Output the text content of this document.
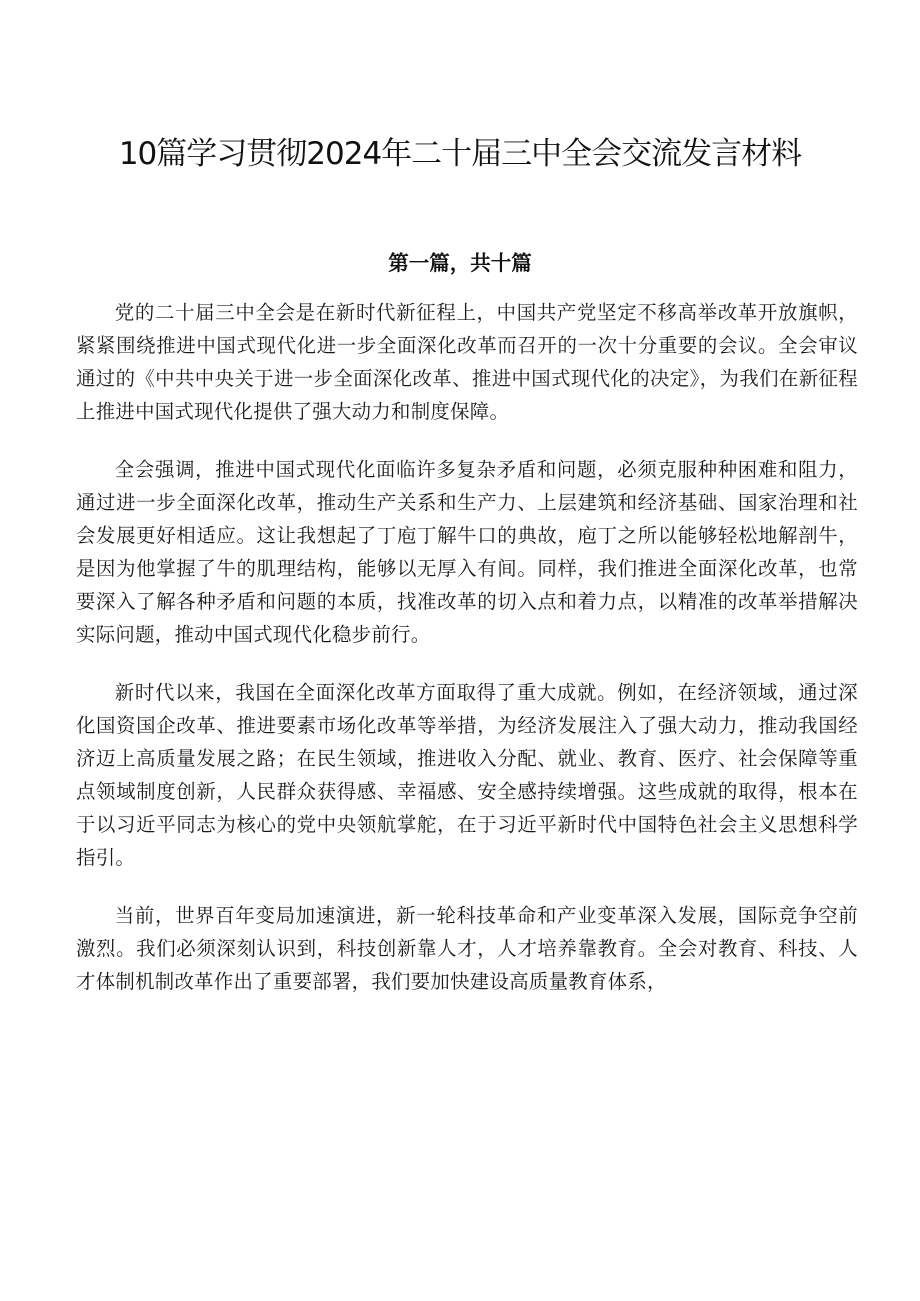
10篇学习贯彻2024年二十届三中全会交流发言材料
第一篇，共十篇

党的二十届三中全会是在新时代新征程上，中国共产党坚定不移高举改革开放旗帜，紧紧围绕推进中国式现代化进一步全面深化改革而召开的一次十分重要的会议。全会审议通过的《中共中央关于进一步全面深化改革、推进中国式现代化的决定》，为我们在新征程上推进中国式现代化提供了强大动力和制度保障。

全会强调，推进中国式现代化面临许多复杂矛盾和问题，必须克服种种困难和阻力，通过进一步全面深化改革，推动生产关系和生产力、上层建筑和经济基础、国家治理和社会发展更好相适应。这让我想起了丁庖丁解牛口的典故，庖丁之所以能够轻松地解剖牛，是因为他掌握了牛的肌理结构，能够以无厚入有间。同样，我们推进全面深化改革，也常要深入了解各种矛盾和问题的本质，找准改革的切入点和着力点，以精准的改革举措解决实际问题，推动中国式现代化稳步前行。

新时代以来，我国在全面深化改革方面取得了重大成就。例如，在经济领域，通过深化国资国企改革、推进要素市场化改革等举措，为经济发展注入了强大动力，推动我国经济迈上高质量发展之路；在民生领域，推进收入分配、就业、教育、医疗、社会保障等重点领域制度创新，人民群众获得感、幸福感、安全感持续增强。这些成就的取得，根本在于以习近平同志为核心的党中央领航掌舵，在于习近平新时代中国特色社会主义思想科学指引。

当前，世界百年变局加速演进，新一轮科技革命和产业变革深入发展，国际竞争空前激烈。我们必须深刻认识到，科技创新靠人才，人才培养靠教育。全会对教育、科技、人才体制机制改革作出了重要部署，我们要加快建设高质量教育体系，
